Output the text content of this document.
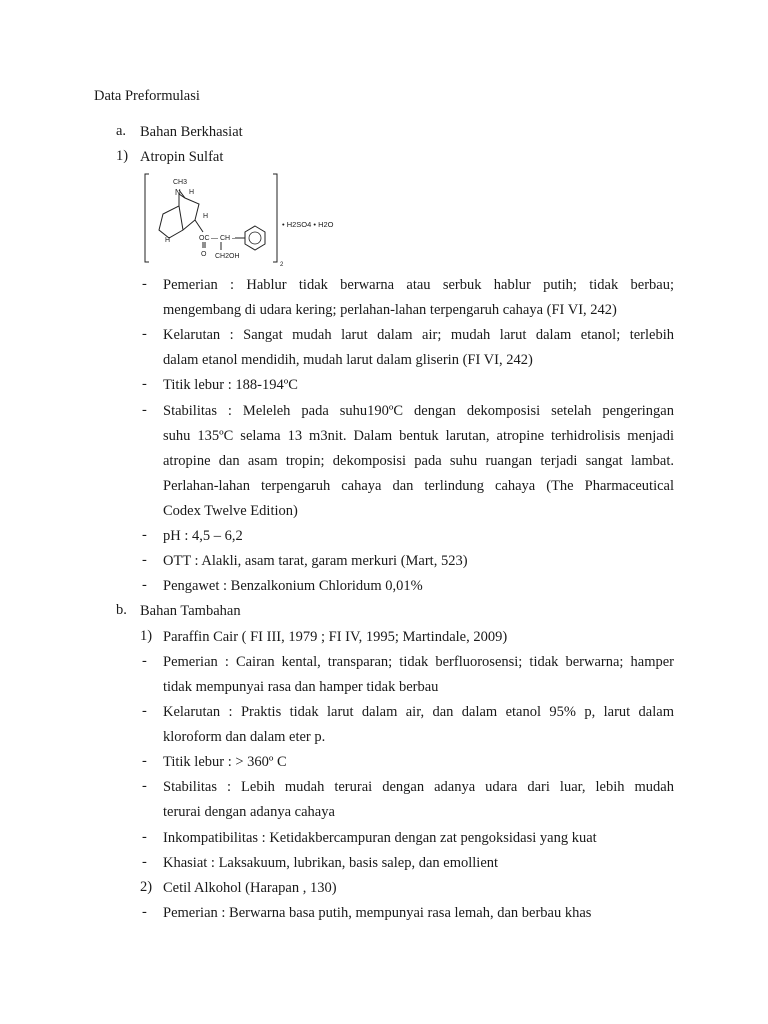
Data Preformulasi
a. Bahan Berkhasiat
1) Atropin Sulfat
CH3
N H
H
H	OC — CH —
O CH2OH
2
• H2SO4 • H2O
- Pemerian : Hablur tidak berwarna atau serbuk hablur putih; tidak berbau;
mengembang di udara kering; perlahan-lahan terpengaruh cahaya (FI VI, 242)
- Kelarutan : Sangat mudah larut dalam air; mudah larut dalam etanol; terlebih
dalam etanol mendidih, mudah larut dalam gliserin (FI VI, 242)
- Titik lebur : 188-194ºC
- Stabilitas : Meleleh pada suhu190ºC dengan dekomposisi setelah pengeringan
suhu 135ºC selama 13 m3nit. Dalam bentuk larutan, atropine terhidrolisis menjadi
atropine dan asam tropin; dekomposisi pada suhu ruangan terjadi sangat lambat.
Perlahan-lahan terpengaruh cahaya dan terlindung cahaya (The Pharmaceutical
Codex Twelve Edition)
- pH : 4,5 – 6,2
- OTT : Alakli, asam tarat, garam merkuri (Mart, 523)
- Pengawet : Benzalkonium Chloridum 0,01%
b. Bahan Tambahan
1) Paraffin Cair ( FI III, 1979 ; FI IV, 1995; Martindale, 2009)
- Pemerian : Cairan kental, transparan; tidak berfluorosensi; tidak berwarna; hamper
tidak mempunyai rasa dan hamper tidak berbau
- Kelarutan : Praktis tidak larut dalam air, dan dalam etanol 95% p, larut dalam
kloroform dan dalam eter p.
- Titik lebur : > 360º C
- Stabilitas : Lebih mudah terurai dengan adanya udara dari luar, lebih mudah
terurai dengan adanya cahaya
- Inkompatibilitas : Ketidakbercampuran dengan zat pengoksidasi yang kuat
- Khasiat : Laksakuum, lubrikan, basis salep, dan emollient
2) Cetil Alkohol (Harapan , 130)
- Pemerian : Berwarna basa putih, mempunyai rasa lemah, dan berbau khas
